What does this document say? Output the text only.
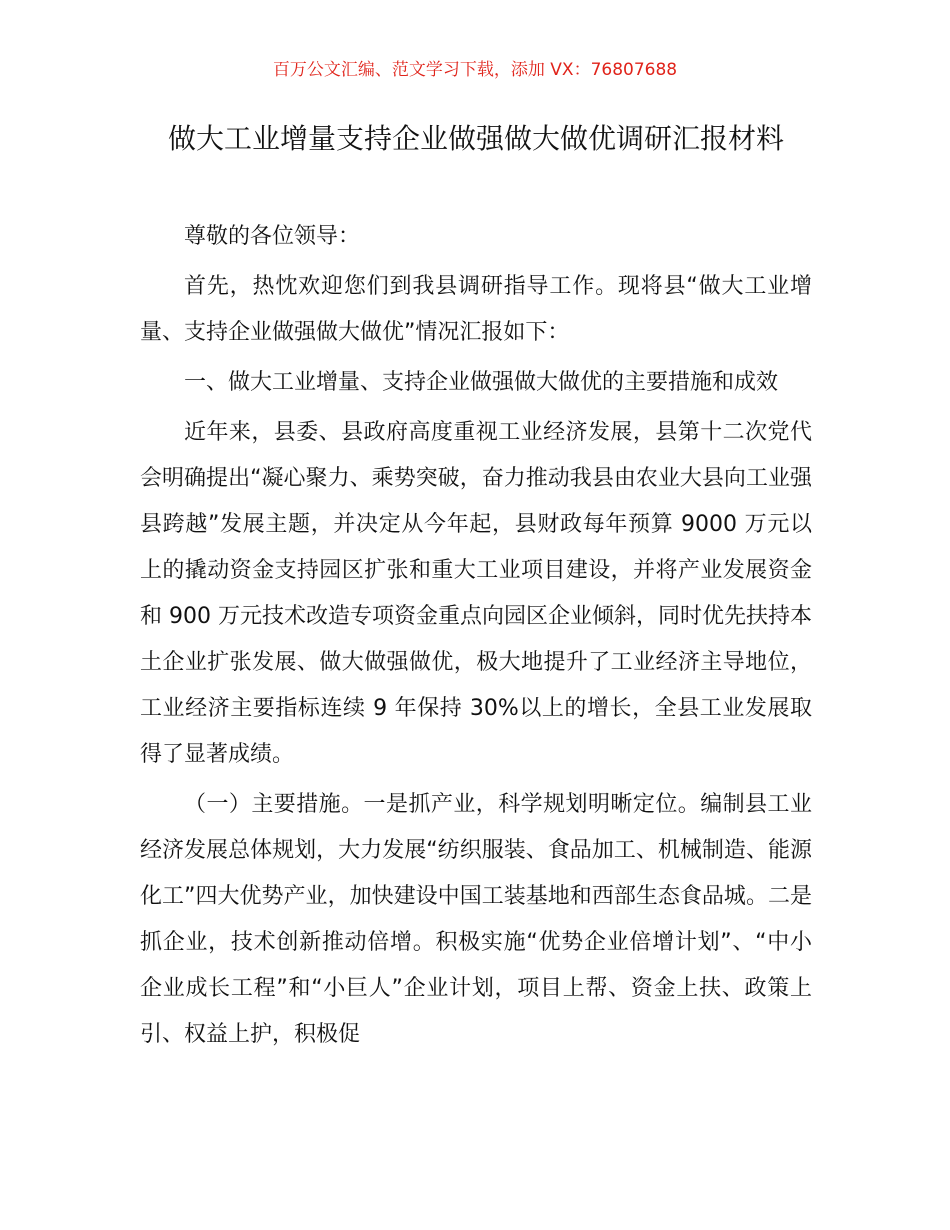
百万公文汇编、范文学习下载，添加 VX：76807688
做大工业增量支持企业做强做大做优调研汇报材料

尊敬的各位领导：

首先，热忱欢迎您们到我县调研指导工作。现将县“做大工业增量、支持企业做强做大做优”情况汇报如下：

一、做大工业增量、支持企业做强做大做优的主要措施和成效

近年来，县委、县政府高度重视工业经济发展，县第十二次党代会明确提出“凝心聚力、乘势突破，奋力推动我县由农业大县向工业强县跨越”发展主题，并决定从今年起，县财政每年预算 9000 万元以上的撬动资金支持园区扩张和重大工业项目建设，并将产业发展资金和 900 万元技术改造专项资金重点向园区企业倾斜，同时优先扶持本土企业扩张发展、做大做强做优，极大地提升了工业经济主导地位，工业经济主要指标连续 9 年保持 30%以上的增长，全县工业发展取得了显著成绩。

（一）主要措施。一是抓产业，科学规划明晰定位。编制县工业经济发展总体规划，大力发展“纺织服装、食品加工、机械制造、能源化工”四大优势产业，加快建设中国工装基地和西部生态食品城。二是抓企业，技术创新推动倍增。积极实施“优势企业倍增计划”、“中小企业成长工程”和“小巨人”企业计划，项目上帮、资金上扶、政策上引、权益上护，积极促
